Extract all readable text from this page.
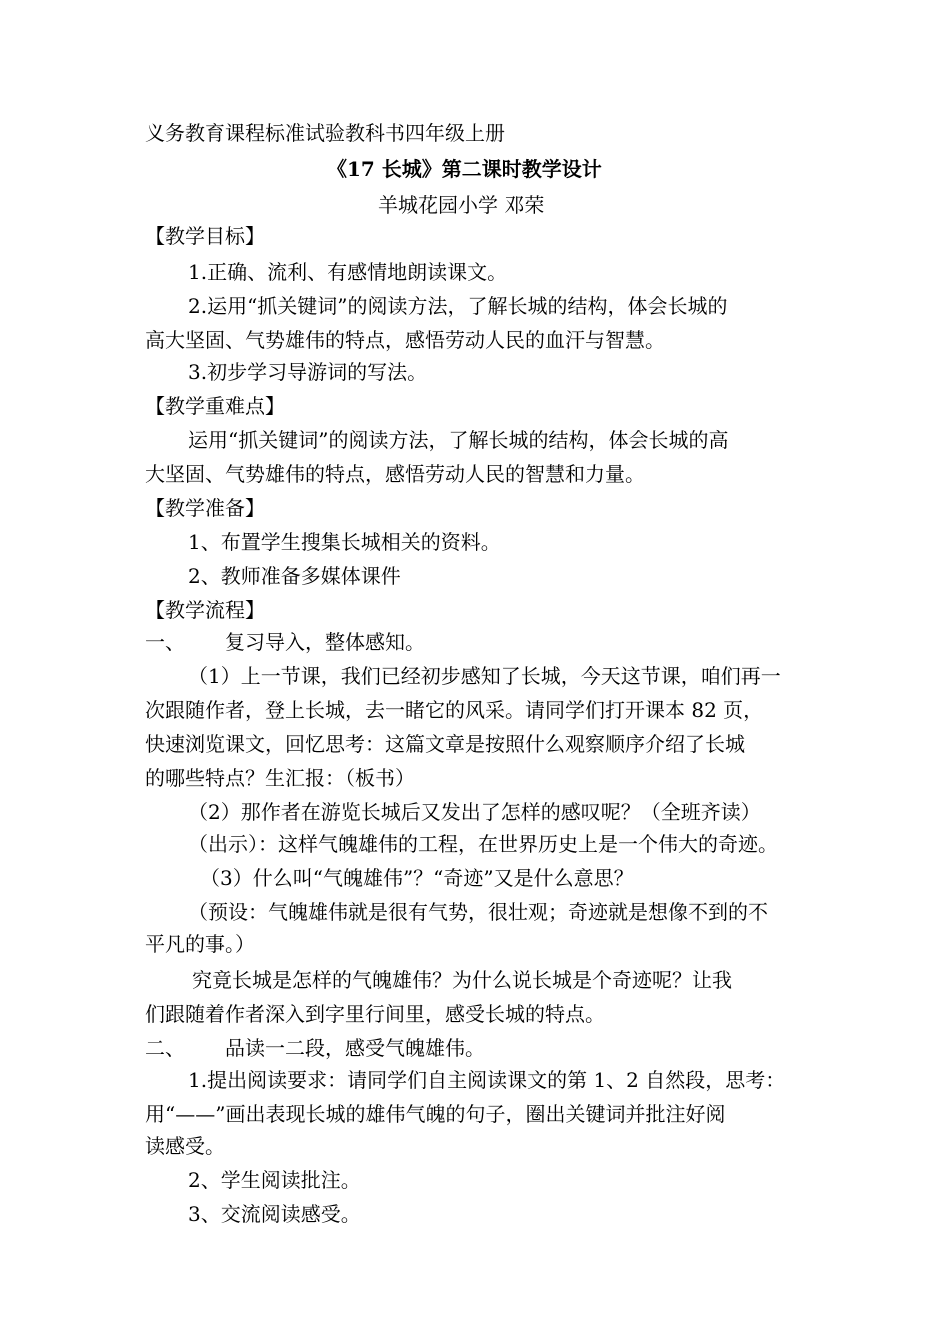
义务教育课程标准试验教科书四年级上册
《17 长城》第二课时教学设计
羊城花园小学 邓荣
【教学目标】
1.正确、流利、有感情地朗读课文。
2.运用“抓关键词”的阅读方法，了解长城的结构，体会长城的
高大坚固、气势雄伟的特点，感悟劳动人民的血汗与智慧。
3.初步学习导游词的写法。
【教学重难点】
运用“抓关键词”的阅读方法，了解长城的结构，体会长城的高
大坚固、气势雄伟的特点，感悟劳动人民的智慧和力量。
【教学准备】
1、布置学生搜集长城相关的资料。
2、教师准备多媒体课件
【教学流程】
一、 复习导入，整体感知。
（1）上一节课，我们已经初步感知了长城，今天这节课，咱们再一
次跟随作者，登上长城，去一睹它的风采。请同学们打开课本 82 页，
快速浏览课文，回忆思考：这篇文章是按照什么观察顺序介绍了长城
的哪些特点？生汇报：（板书）
（2）那作者在游览长城后又发出了怎样的感叹呢？（全班齐读）
（出示）：这样气魄雄伟的工程，在世界历史上是一个伟大的奇迹。
（3）什么叫“气魄雄伟”？“奇迹”又是什么意思？
（预设：气魄雄伟就是很有气势，很壮观；奇迹就是想像不到的不
平凡的事。）
究竟长城是怎样的气魄雄伟？为什么说长城是个奇迹呢？让我
们跟随着作者深入到字里行间里，感受长城的特点。
二、 品读一二段，感受气魄雄伟。
1.提出阅读要求：请同学们自主阅读课文的第 1、2 自然段，思考：
用“——”画出表现长城的雄伟气魄的句子，圈出关键词并批注好阅
读感受。
2、学生阅读批注。
3、交流阅读感受。
